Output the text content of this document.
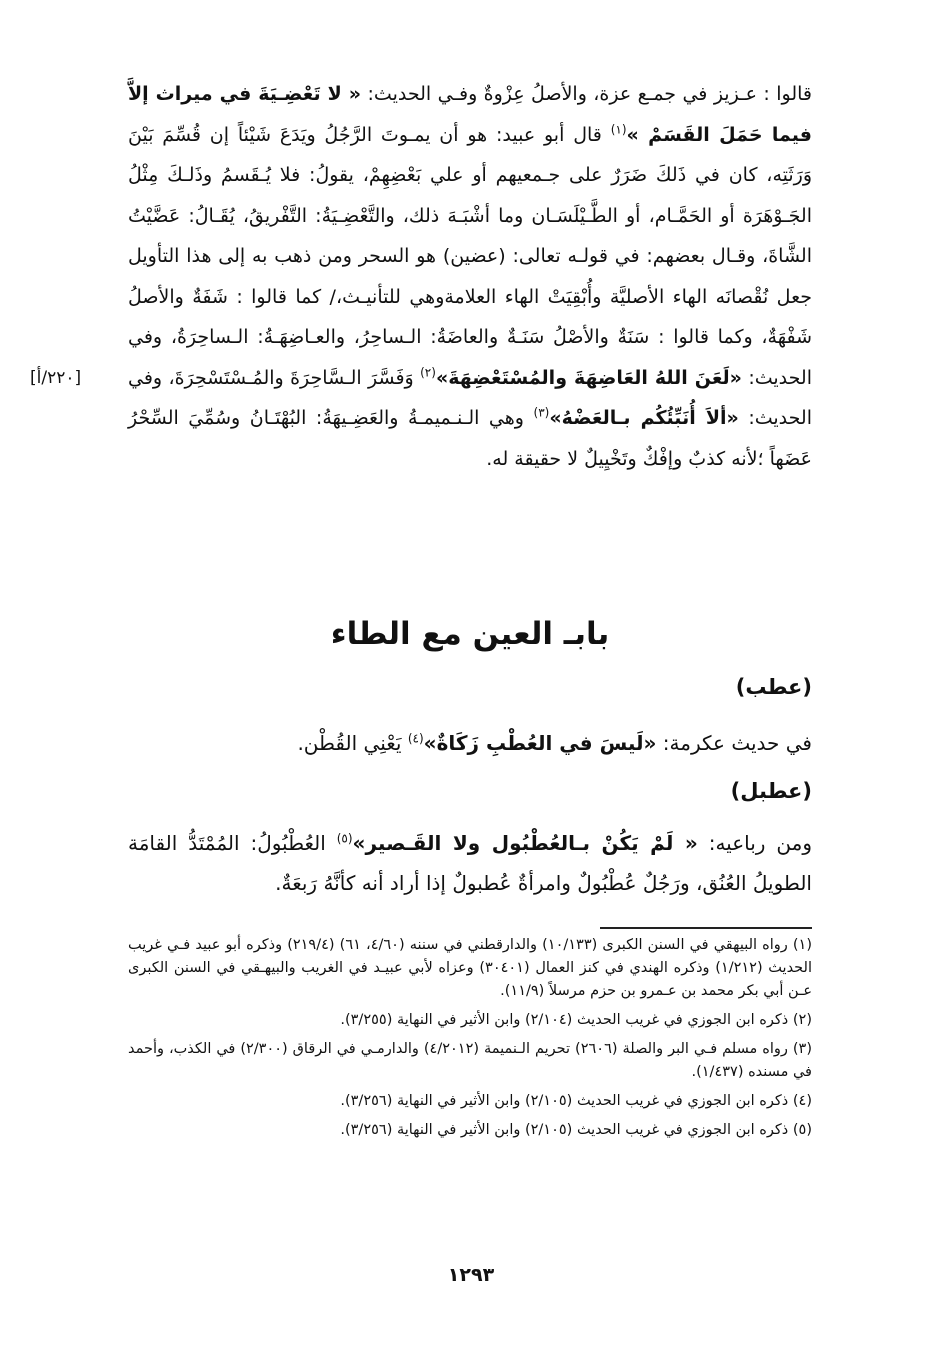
قالوا : عـزيز في جمـع عزة، والأصلُ عِزْوةٌ وفـي الحديث: « لا تَعْضِـيَةَ في ميراث إلاَّ فيما حَمَلَ القَسَمْ »$^{(١)}$ قال أبو عبيد: هو أن يمـوتَ الرَّجُلُ ويَدَعَ شَيْئاً إن قُسِّمَ بَيْنَ وَرَثَتِه، كان في ذَلكَ ضَرَرٌ على جـمعيهم أو علي بَعْضِهِمْ، يقولُ: فلا يُـقَسمُ وذَلـكَ مِثْلُ الجَـوْهَرَة أو الحَمَّـام، أو الطَّـيْلَسَـان وما أشْبَـهَ ذلك، والتَّعْضِـيَةُ: التَّفْريقُ، يُقَـالُ: عَضَّيْتُ الشَّاةَ، وقـال بعضهم: في قولـه تعالى: (عضين) هو السحر ومن ذهب به إلى هذا التأويل جعل نُقْصانَه الهاء الأصليَّة وأُبْقِيَتْ الهاء العلامةوهي للتأنيـث،/ كما قالوا : شَفَةٌ والأصلُ شَفْهَةٌ، وكما قالوا : سَنَةٌ والأصْلُ سَنَـةٌ والعاضَةُ: الـساحِرُ، والعـاضِهَـةُ: الـساحِرَةُ، وفي الحديث: «لَعَنَ اللهُ العَاضِهَةَ والمُسْتَعْضِهَةَ»$^{(٢)}$ وَفَسَّرَ الـسَّاحِرَةَ والمُـسْتَسْحِرَةَ، وفي الحديث: «ألاَ أُنَبِّئُكُم بـالعَضْهُ»$^{(٣)}$ وهي الـنـميمـةُ والعَضِـيهَةُ: البُهْتَـانُ وسُمِّيَ السِّحْرُ عَضَهاً ؛لأنه كذبٌ وإفْكٌ وتَخْيِيلٌ لا حقيقة له.

[٢٢٠/أ]
بابـ العين مع الطاء
(عطب)

في حديث عكرمة: «لَيسَ في العُطْبِ زَكَاةٌ»$^{(٤)}$ يَعْنِي القُطْن.

(عطبل)

ومن رباعيه: « لَمْ يَكُنْ بـالعُطْبُول ولا القَـصير»$^{(٥)}$ العُطْبُولُ: المُمْتَدُّ القامَة الطويلُ العُنُق، ورَجُلٌ عُطْبُولٌ وامرأةٌ عُطبولٌ إذا أراد أنه كأنَّهُ رَبعَةٌ.

(١) رواه البيهقي في السنن الكبرى (١٠/١٣٣) والدارقطني في سننه (٤/٦٠، ٦١) (٢١٩/٤) وذكره أبو عبيد فـي غريب الحديث (١/٢١٢) وذكره الهندي في كنز العمال (٣٠٤٠١) وعزاه لأبي عبيـد في الغريب والبيهـقي في السنن الكبرى عـن أبي بكر محمد بن عـمرو بن حزم مرسلاً (١١/٩).

(٢) ذكره ابن الجوزي في غريب الحديث (٢/١٠٤) وابن الأثير في النهاية (٣/٢٥٥).

(٣) رواه مسلم فـي البر والصلة (٢٦٠٦) تحريم الـنميمة (٤/٢٠١٢) والدارمـي في الرقاق (٢/٣٠٠) في الكذب، وأحمد في مسنده (١/٤٣٧).

(٤) ذكره ابن الجوزي في غريب الحديث (٢/١٠٥) وابن الأثير في النهاية (٣/٢٥٦).

(٥) ذكره ابن الجوزي في غريب الحديث (٢/١٠٥) وابن الأثير في النهاية (٣/٢٥٦).

١٢٩٣
